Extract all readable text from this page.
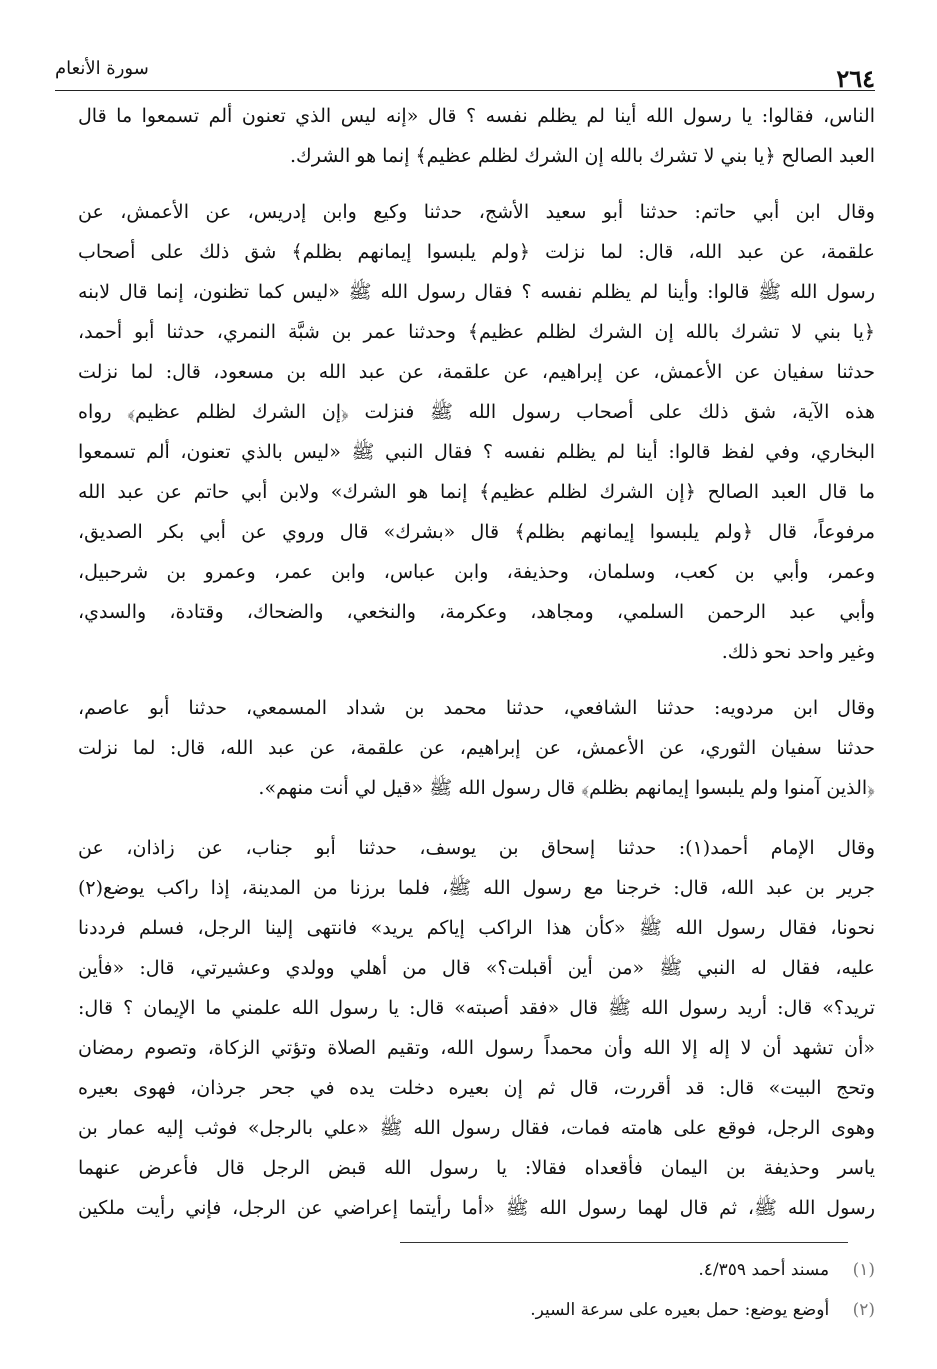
سورة الأنعام	٢٦٤
الناس، فقالوا: يا رسول الله أينا لم يظلم نفسه ؟ قال «إنه ليس الذي تعنون ألم تسمعوا ما قال
العبد الصالح ﴿يا بني لا تشرك بالله إن الشرك لظلم عظيم﴾ إنما هو الشرك.
وقال ابن أبي حاتم: حدثنا أبو سعيد الأشج، حدثنا وكيع وابن إدريس، عن الأعمش، عن
علقمة، عن عبد الله، قال: لما نزلت ﴿ولم يلبسوا إيمانهم بظلم﴾ شق ذلك على أصحاب
رسول الله ﷺ قالوا: وأينا لم يظلم نفسه ؟ فقال رسول الله ﷺ «ليس كما تظنون، إنما قال لابنه
﴿يا بني لا تشرك بالله إن الشرك لظلم عظيم﴾ وحدثنا عمر بن شبَّة النمري، حدثنا أبو أحمد،
حدثنا سفيان عن الأعمش، عن إبراهيم، عن علقمة، عن عبد الله بن مسعود، قال: لما نزلت
هذه الآية، شق ذلك على أصحاب رسول الله ﷺ فنزلت ﴿إن الشرك لظلم عظيم﴾ رواه
البخاري، وفي لفظ قالوا: أينا لم يظلم نفسه ؟ فقال النبي ﷺ «ليس بالذي تعنون، ألم تسمعوا
ما قال العبد الصالح ﴿إن الشرك لظلم عظيم﴾ إنما هو الشرك» ولابن أبي حاتم عن عبد الله
مرفوعاً، قال ﴿ولم يلبسوا إيمانهم بظلم﴾ قال «بشرك» قال وروي عن أبي بكر الصديق،
وعمر، وأبي بن كعب، وسلمان، وحذيفة، وابن عباس، وابن عمر، وعمرو بن شرحبيل،
وأبي عبد الرحمن السلمي، ومجاهد، وعكرمة، والنخعي، والضحاك، وقتادة، والسدي،
وغير واحد نحو ذلك.
وقال ابن مردويه: حدثنا الشافعي، حدثنا محمد بن شداد المسمعي، حدثنا أبو عاصم،
حدثنا سفيان الثوري، عن الأعمش، عن إبراهيم، عن علقمة، عن عبد الله، قال: لما نزلت
﴿الذين آمنوا ولم يلبسوا إيمانهم بظلم﴾ قال رسول الله ﷺ «قيل لي أنت منهم».
وقال الإمام أحمد(١): حدثنا إسحاق بن يوسف، حدثنا أبو جناب، عن زاذان، عن
جرير بن عبد الله، قال: خرجنا مع رسول الله ﷺ، فلما برزنا من المدينة، إذا راكب يوضع(٢)
نحونا، فقال رسول الله ﷺ «كأن هذا الراكب إياكم يريد» فانتهى إلينا الرجل، فسلم فرددنا
عليه، فقال له النبي ﷺ «من أين أقبلت؟» قال من أهلي وولدي وعشيرتي، قال: «فأين
تريد؟» قال: أريد رسول الله ﷺ قال «فقد أصبته» قال: يا رسول الله علمني ما الإيمان ؟ قال:
«أن تشهد أن لا إله إلا الله وأن محمداً رسول الله، وتقيم الصلاة وتؤتي الزكاة، وتصوم رمضان
وتحج البيت» قال: قد أقررت، قال ثم إن بعيره دخلت يده في جحر جرذان، فهوى بعيره
وهوى الرجل، فوقع على هامته فمات، فقال رسول الله ﷺ «علي بالرجل» فوثب إليه عمار بن
ياسر وحذيفة بن اليمان فأقعداه فقالا: يا رسول الله قبض الرجل قال فأعرض عنهما
رسول الله ﷺ، ثم قال لهما رسول الله ﷺ «أما رأيتما إعراضي عن الرجل، فإني رأيت ملكين
(١) مسند أحمد ٤/٣٥٩.
(٢) أوضع يوضع: حمل بعيره على سرعة السير.
